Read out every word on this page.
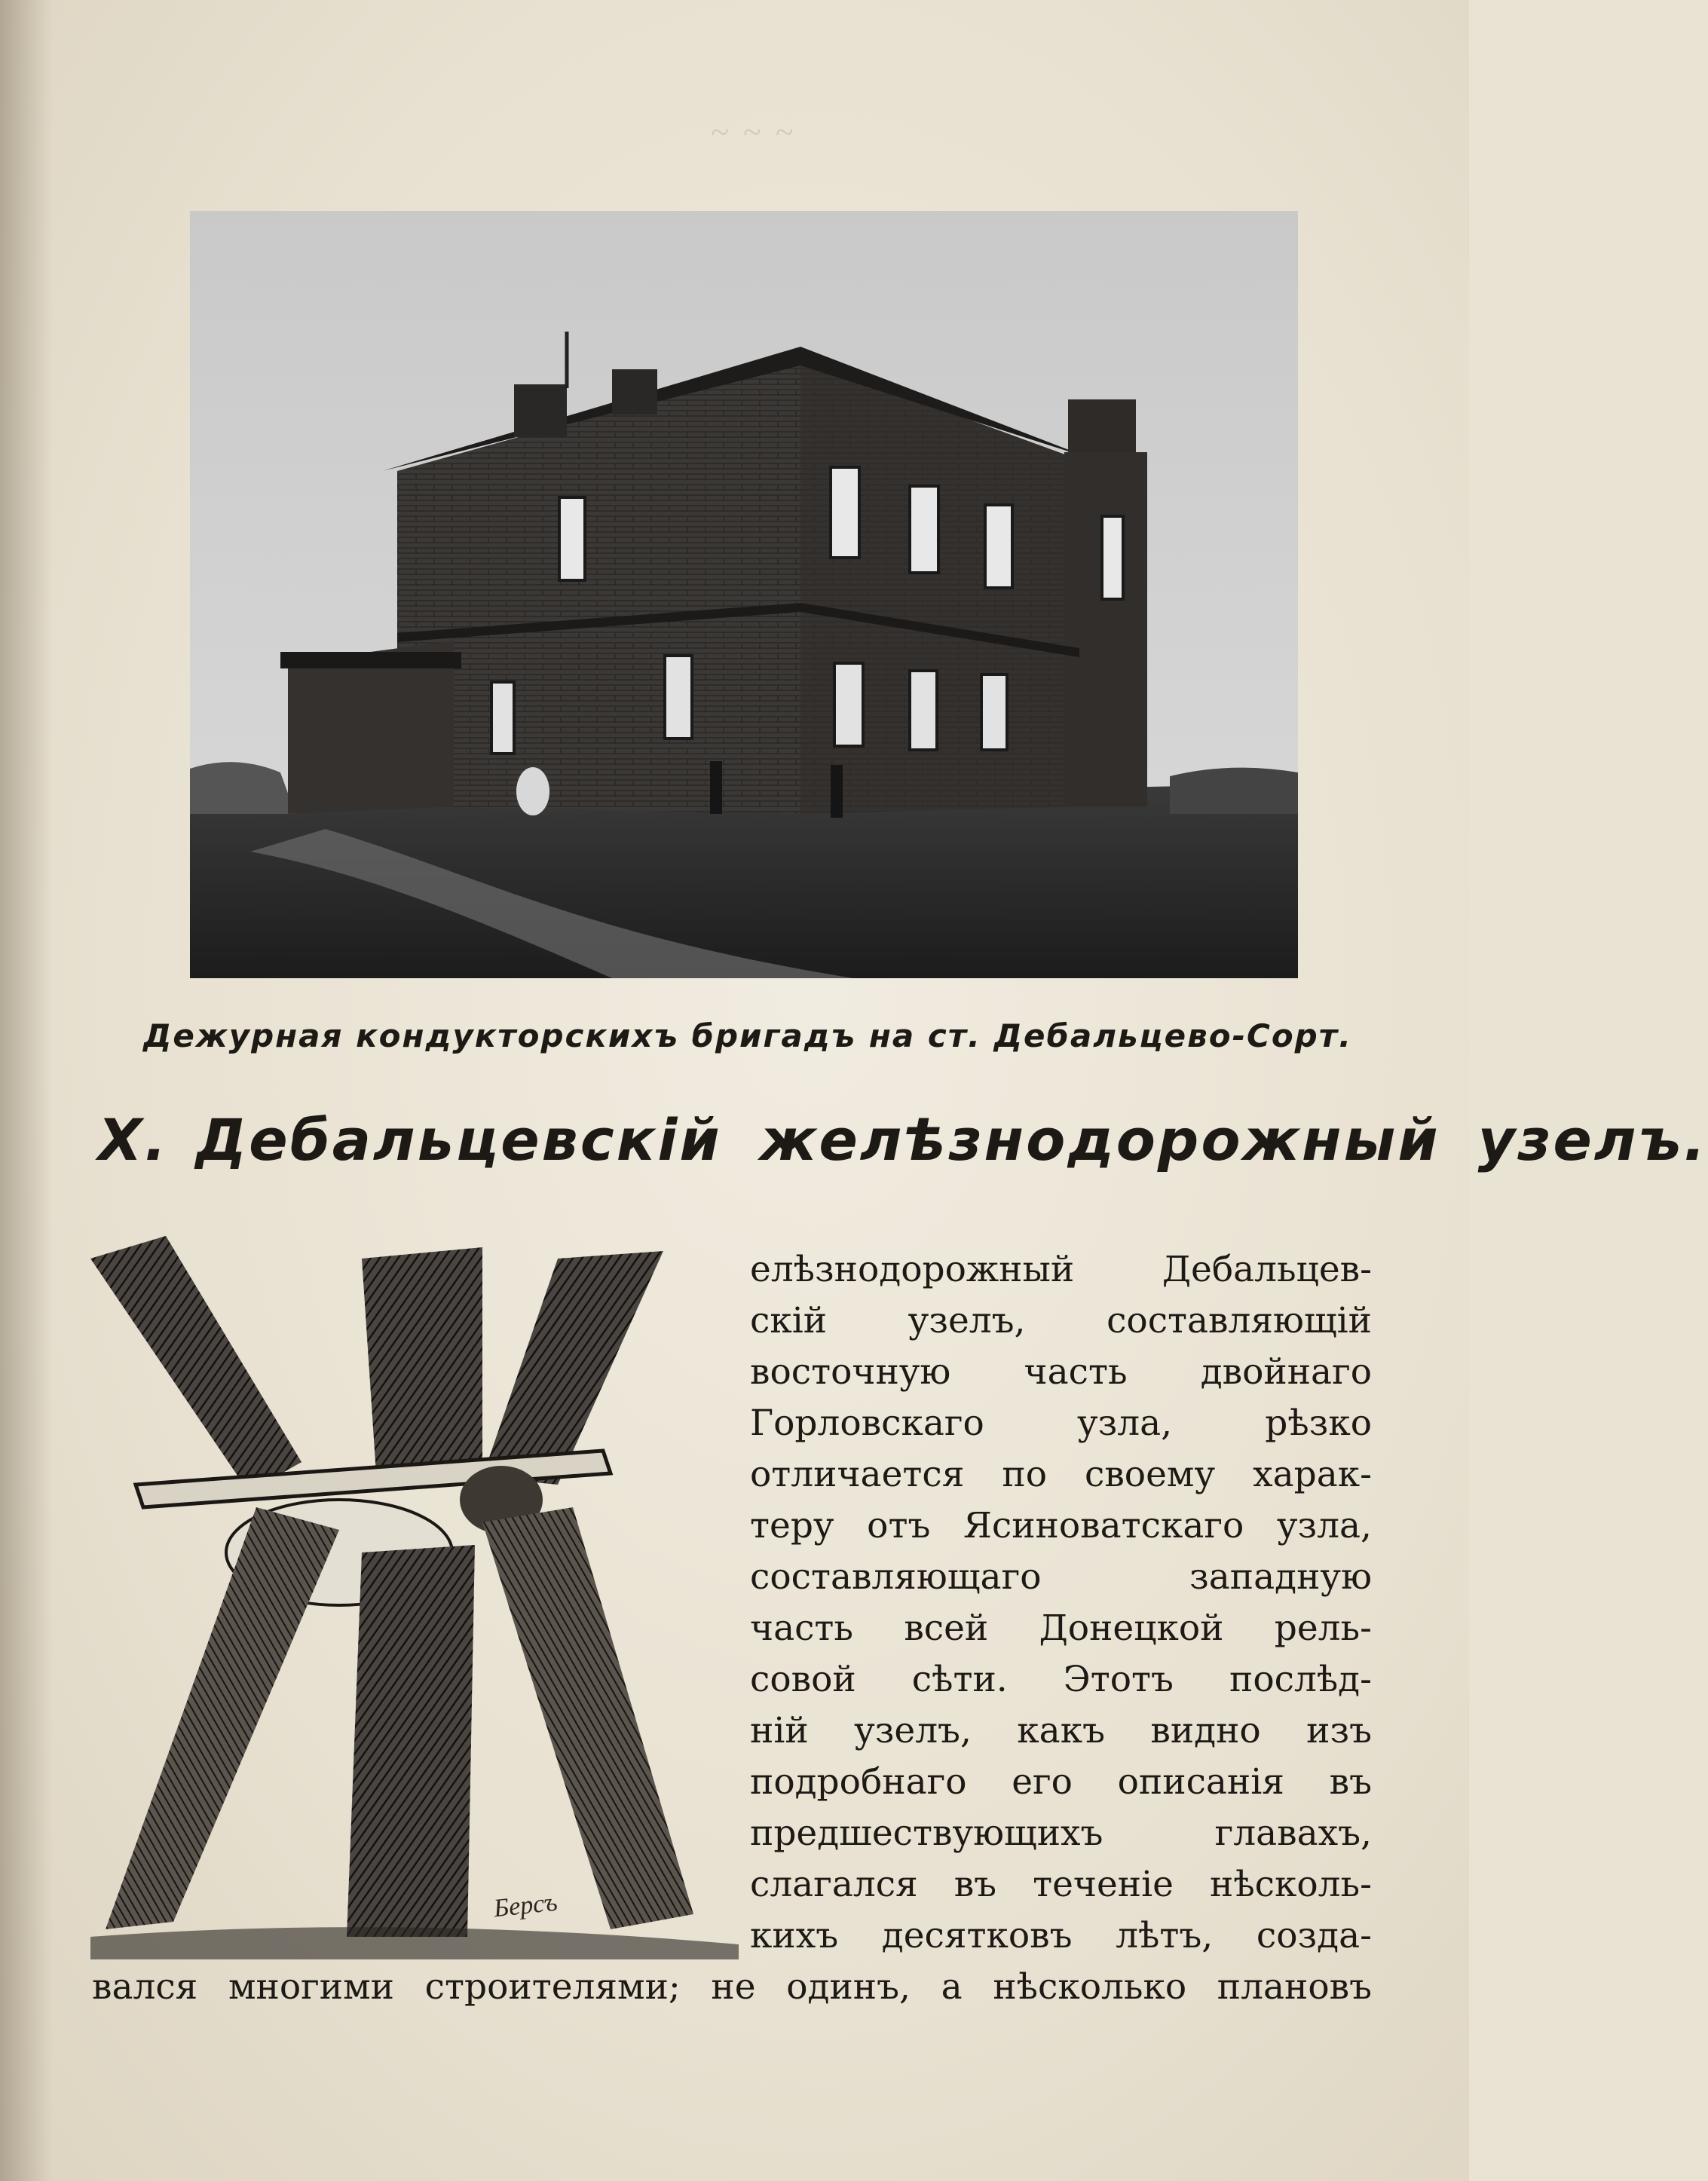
~ ~ ~
Дежурная кондукторскихъ бригадъ на ст. Дебальцево-Сорт.
X. Дебальцевскій желѣзнодорожный узелъ.
Берсъ
елѣзнодорожный Дебальцев-
скій узелъ, составляющій
восточную часть двойнаго
Горловскаго узла, рѣзко
отличается по своему харак-
теру отъ Ясиноватскаго узла,
составляющаго западную
часть всей Донецкой рель-
совой сѣти. Этотъ послѣд-
ній узелъ, какъ видно изъ
подробнаго его описанія въ
предшествующихъ главахъ,
слагался въ теченіе нѣсколь-
кихъ десятковъ лѣтъ, созда-
вался многими строителями; не одинъ, а нѣсколько плановъ
